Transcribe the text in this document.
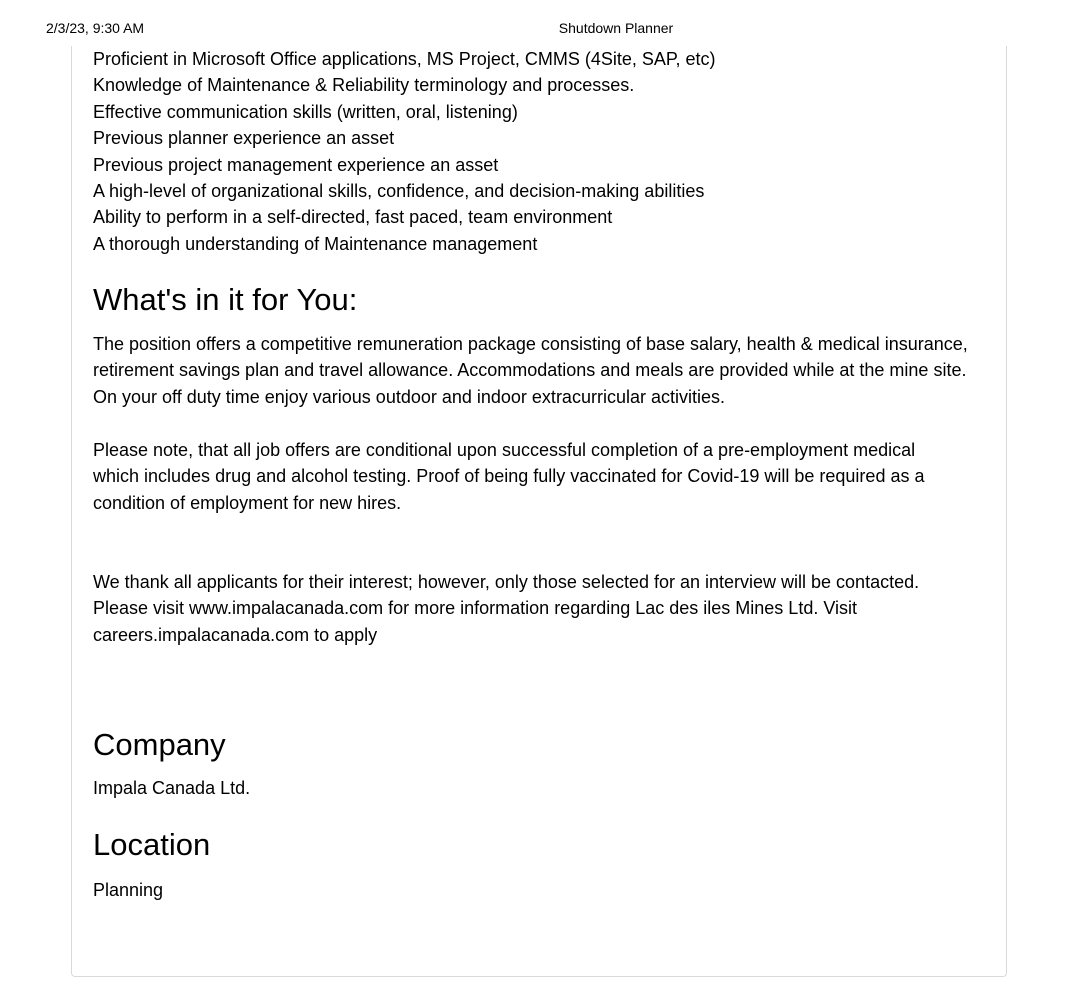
2/3/23, 9:30 AM	Shutdown Planner
Proficient in Microsoft Office applications, MS Project, CMMS (4Site, SAP, etc)
Knowledge of Maintenance & Reliability terminology and processes.
Effective communication skills (written, oral, listening)
Previous planner experience an asset
Previous project management experience an asset
A high-level of organizational skills, confidence, and decision-making abilities
Ability to perform in a self-directed, fast paced, team environment
A thorough understanding of Maintenance management
What's in it for You:

The position offers a competitive remuneration package consisting of base salary, health & medical insurance, retirement savings plan and travel allowance. Accommodations and meals are provided while at the mine site. On your off duty time enjoy various outdoor and indoor extracurricular activities.

Please note, that all job offers are conditional upon successful completion of a pre-employment medical which includes drug and alcohol testing. Proof of being fully vaccinated for Covid-19 will be required as a condition of employment for new hires.

We thank all applicants for their interest; however, only those selected for an interview will be contacted. Please visit www.impalacanada.com for more information regarding Lac des iles Mines Ltd. Visit careers.impalacanada.com to apply

Company

Impala Canada Ltd.

Location

Planning
